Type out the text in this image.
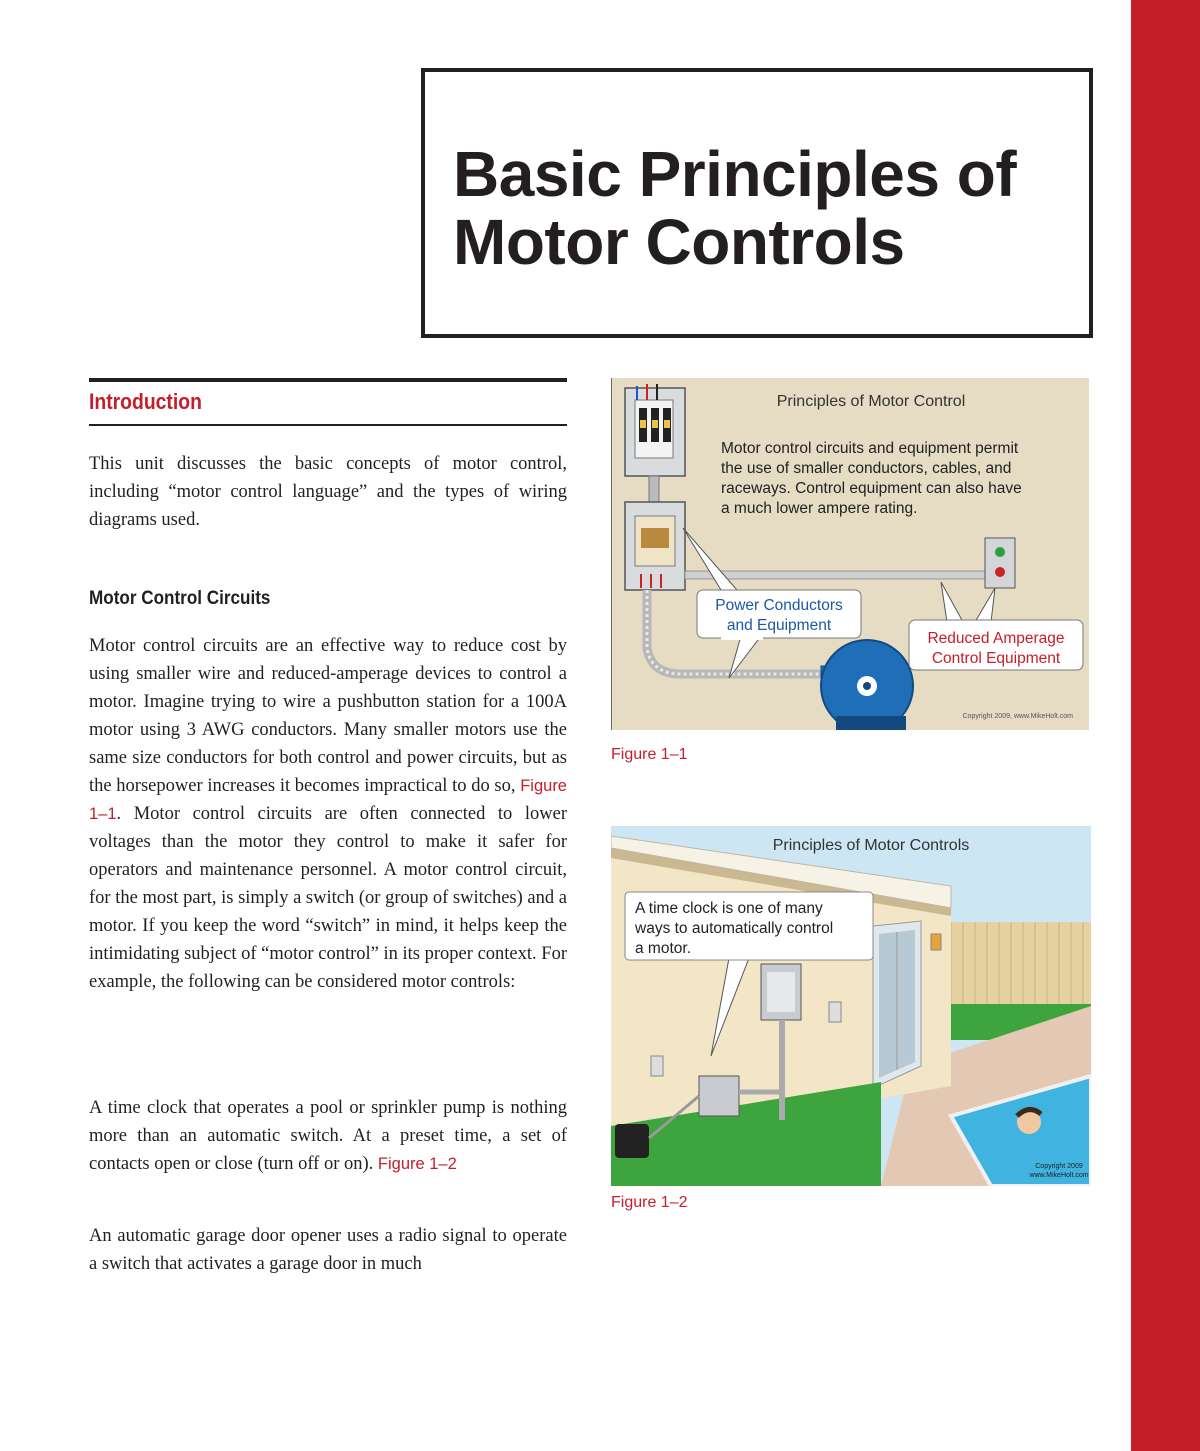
Basic Principles of
Motor Controls
Introduction

This unit discusses the basic concepts of motor control, including “motor control language” and the types of wiring diagrams used.

Motor Control Circuits

Motor control circuits are an effective way to reduce cost by using smaller wire and reduced-amperage devices to control a motor. Imagine trying to wire a pushbutton station for a 100A motor using 3 AWG conductors. Many smaller motors use the same size conductors for both control and power circuits, but as the horsepower increases it becomes impractical to do so, Figure 1–1. Motor control circuits are often connected to lower voltages than the motor they control to make it safer for operators and maintenance personnel. A motor control circuit, for the most part, is simply a switch (or group of switches) and a motor. If you keep the word “switch” in mind, it helps keep the intimidating subject of “motor control” in its proper context. For example, the following can be considered motor controls:

A time clock that operates a pool or sprinkler pump is nothing more than an automatic switch. At a preset time, a set of contacts open or close (turn off or on). Figure 1–2

An automatic garage door opener uses a radio signal to operate a switch that activates a garage door in much

Principles of Motor Control
Motor control circuits and equipment permit
the use of smaller conductors, cables, and
raceways. Control equipment can also have
a much lower ampere rating.
Power Conductors
and Equipment
Reduced Amperage
Control Equipment
Copyright 2009, www.MikeHolt.com

Figure 1–1

Principles of Motor Controls
A time clock is one of many
ways to automatically control
a motor.
Copyright 2009
www.MikeHolt.com

Figure 1–2
